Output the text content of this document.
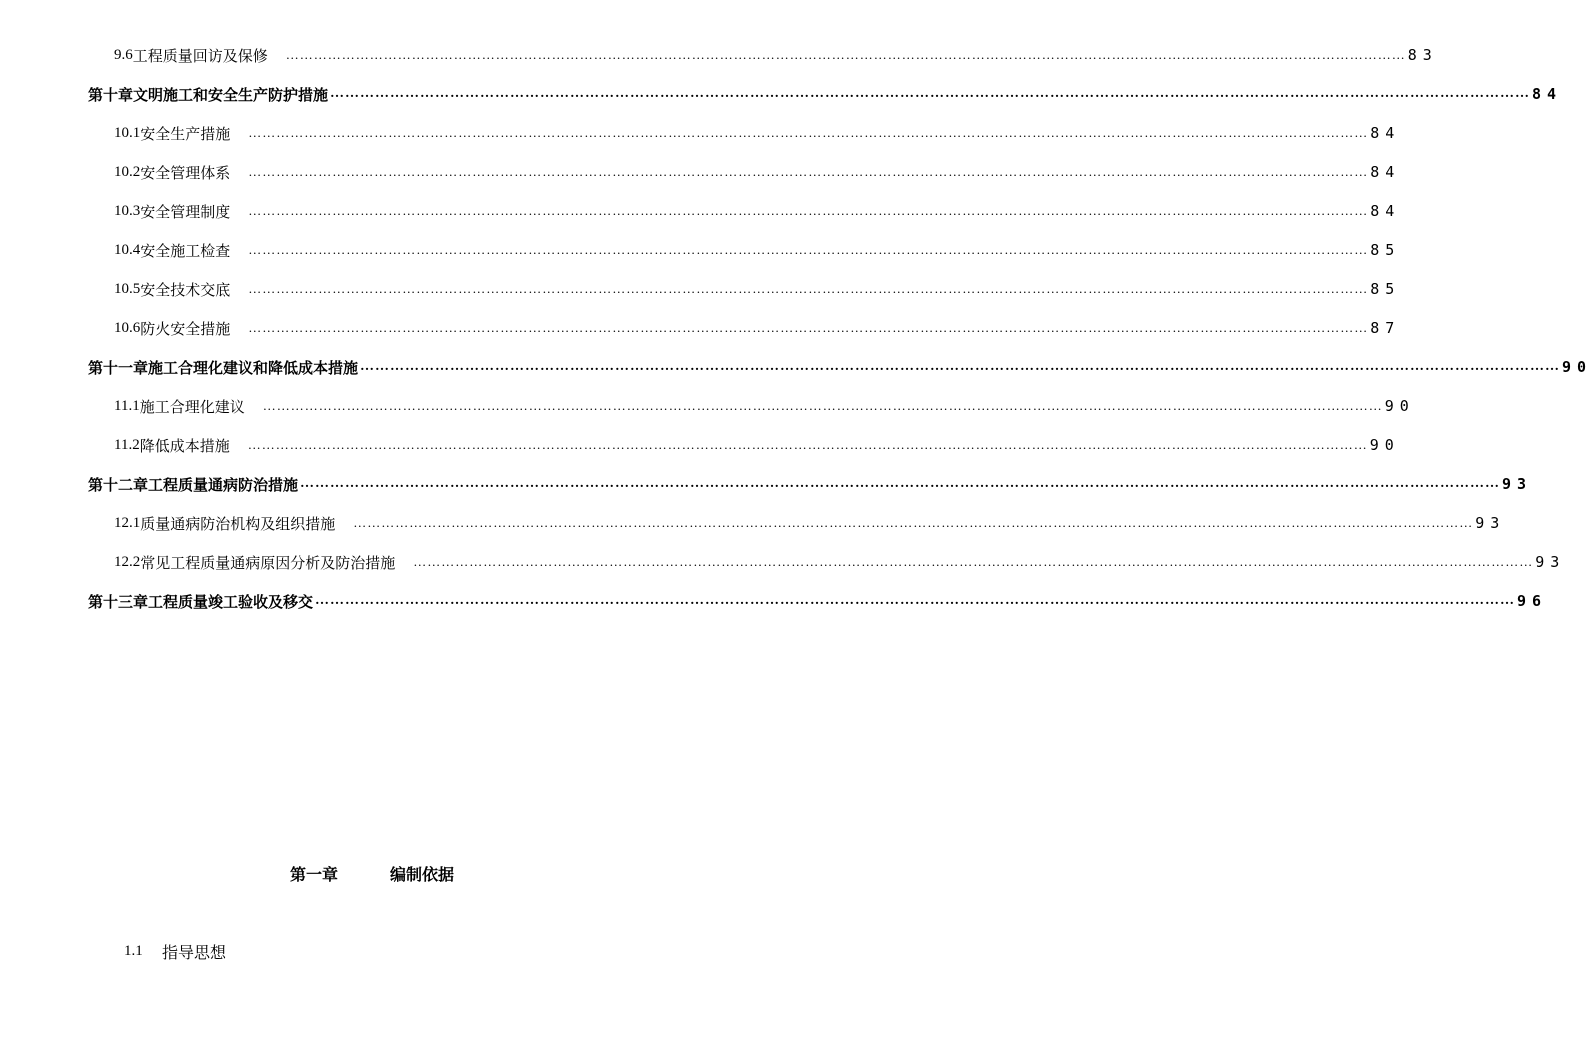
9.6 工程质量回访及保修 …………………………………………………………………………………………………………………………………………………………………………………………………………………… 83
第十章 文明施工和安全生产防护措施 …………………………………………………………………………………………………………………………………………………………………………………………………………………… 84
10.1 安全生产措施 …………………………………………………………………………………………………………………………………………………………………………………………………………………… 84
10.2 安全管理体系 …………………………………………………………………………………………………………………………………………………………………………………………………………………… 84
10.3 安全管理制度 …………………………………………………………………………………………………………………………………………………………………………………………………………………… 84
10.4 安全施工检查 …………………………………………………………………………………………………………………………………………………………………………………………………………………… 85
10.5 安全技术交底 …………………………………………………………………………………………………………………………………………………………………………………………………………………… 85
10.6 防火安全措施 …………………………………………………………………………………………………………………………………………………………………………………………………………………… 87
第十一章 施工合理化建议和降低成本措施 …………………………………………………………………………………………………………………………………………………………………………………………………………………… 90
11.1 施工合理化建议 …………………………………………………………………………………………………………………………………………………………………………………………………………………… 90
11.2 降低成本措施 …………………………………………………………………………………………………………………………………………………………………………………………………………………… 90
第十二章 工程质量通病防治措施 …………………………………………………………………………………………………………………………………………………………………………………………………………………… 93
12.1 质量通病防治机构及组织措施 …………………………………………………………………………………………………………………………………………………………………………………………………………………… 93
12.2 常见工程质量通病原因分析及防治措施 …………………………………………………………………………………………………………………………………………………………………………………………………………………… 93
第十三章 工程质量竣工验收及移交 …………………………………………………………………………………………………………………………………………………………………………………………………………………… 96
第一章	编制依据
1.1	指导思想
